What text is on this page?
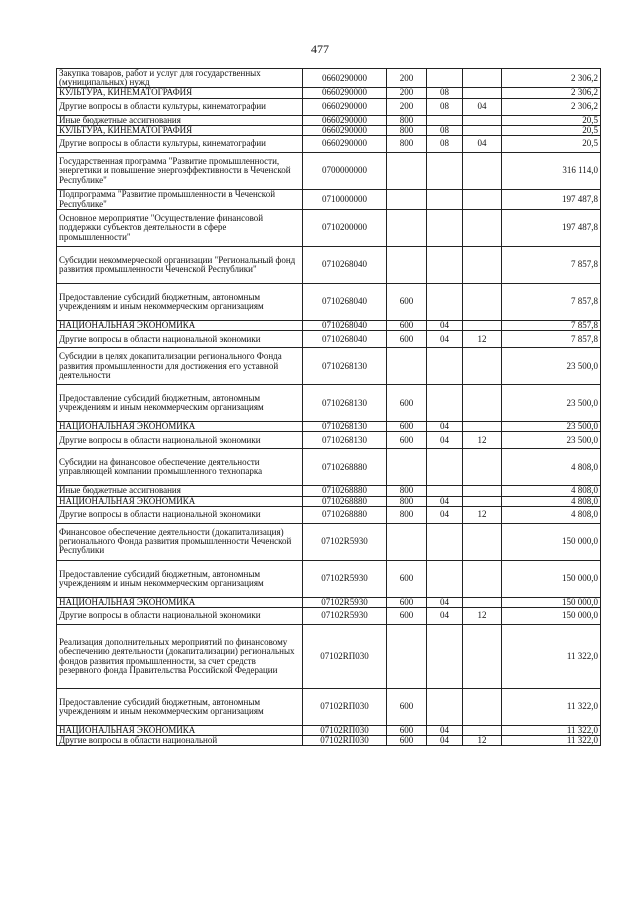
477
Закупка товаров, работ и услуг для государственных (муниципальных) нужд	0660290000	200			2 306,2
КУЛЬТУРА, КИНЕМАТОГРАФИЯ	0660290000	200	08		2 306,2
Другие вопросы в области культуры, кинематографии	0660290000	200	08	04	2 306,2
Иные бюджетные ассигнования	0660290000	800			20,5
КУЛЬТУРА, КИНЕМАТОГРАФИЯ	0660290000	800	08		20,5
Другие вопросы в области культуры, кинематографии	0660290000	800	08	04	20,5
Государственная программа "Развитие промышленности, энергетики и повышение энергоэффективности в Чеченской Республике"	0700000000				316 114,0
Подпрограмма "Развитие промышленности в Чеченской Республике"	0710000000				197 487,8
Основное мероприятие "Осуществление финансовой поддержки субъектов деятельности в сфере промышленности"	0710200000				197 487,8
Субсидии некоммерческой организации "Региональный фонд развития промышленности Чеченской Республики"	0710268040				7 857,8
Предоставление субсидий бюджетным, автономным учреждениям и иным некоммерческим организациям	0710268040	600			7 857,8
НАЦИОНАЛЬНАЯ ЭКОНОМИКА	0710268040	600	04		7 857,8
Другие вопросы в области национальной экономики	0710268040	600	04	12	7 857,8
Субсидии в целях докапитализации регионального Фонда развития промышленности для достижения его уставной деятельности	0710268130				23 500,0
Предоставление субсидий бюджетным, автономным учреждениям и иным некоммерческим организациям	0710268130	600			23 500,0
НАЦИОНАЛЬНАЯ ЭКОНОМИКА	0710268130	600	04		23 500,0
Другие вопросы в области национальной экономики	0710268130	600	04	12	23 500,0
Субсидии на финансовое обеспечение деятельности управляющей компании промышленного технопарка	0710268880				4 808,0
Иные бюджетные ассигнования	0710268880	800			4 808,0
НАЦИОНАЛЬНАЯ ЭКОНОМИКА	0710268880	800	04		4 808,0
Другие вопросы в области национальной экономики	0710268880	800	04	12	4 808,0
Финансовое обеспечение деятельности (докапитализация) регионального Фонда развития промышленности Чеченской Республики	07102R5930				150 000,0
Предоставление субсидий бюджетным, автономным учреждениям и иным некоммерческим организациям	07102R5930	600			150 000,0
НАЦИОНАЛЬНАЯ ЭКОНОМИКА	07102R5930	600	04		150 000,0
Другие вопросы в области национальной экономики	07102R5930	600	04	12	150 000,0
Реализация дополнительных мероприятий по финансовому обеспечению деятельности (докапитализации) региональных фондов развития промышленности, за счет средств резервного фонда Правительства Российской Федерации	07102RП030				11 322,0
Предоставление субсидий бюджетным, автономным учреждениям и иным некоммерческим организациям	07102RП030	600			11 322,0
НАЦИОНАЛЬНАЯ ЭКОНОМИКА	07102RП030	600	04		11 322,0
Другие вопросы в области национальной	07102RП030	600	04	12	11 322,0
